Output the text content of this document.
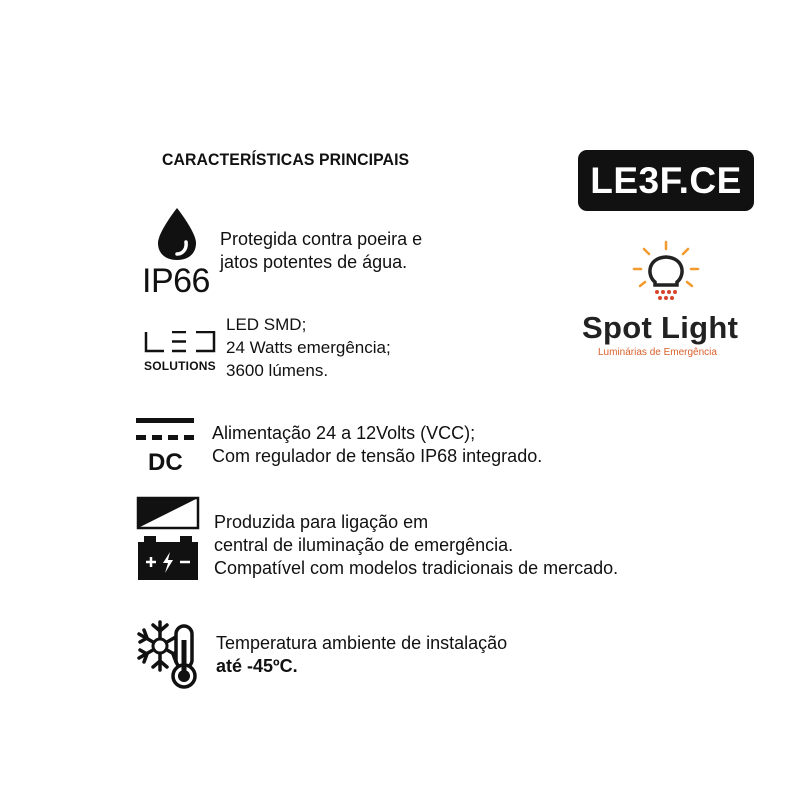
CARACTERÍSTICAS PRINCIPAIS	LE3F.CE
Spot Light
Luminárias de Emergência
IP66
Protegida contra poeira e
jatos potentes de água.
SOLUTIONS
LED SMD;
24 Watts emergência;
3600 lúmens.
DC
Alimentação 24 a 12Volts (VCC);
Com regulador de tensão IP68 integrado.
Produzida para ligação em
central de iluminação de emergência.
Compatível com modelos tradicionais de mercado.
Temperatura ambiente de instalação
até -45ºC.
